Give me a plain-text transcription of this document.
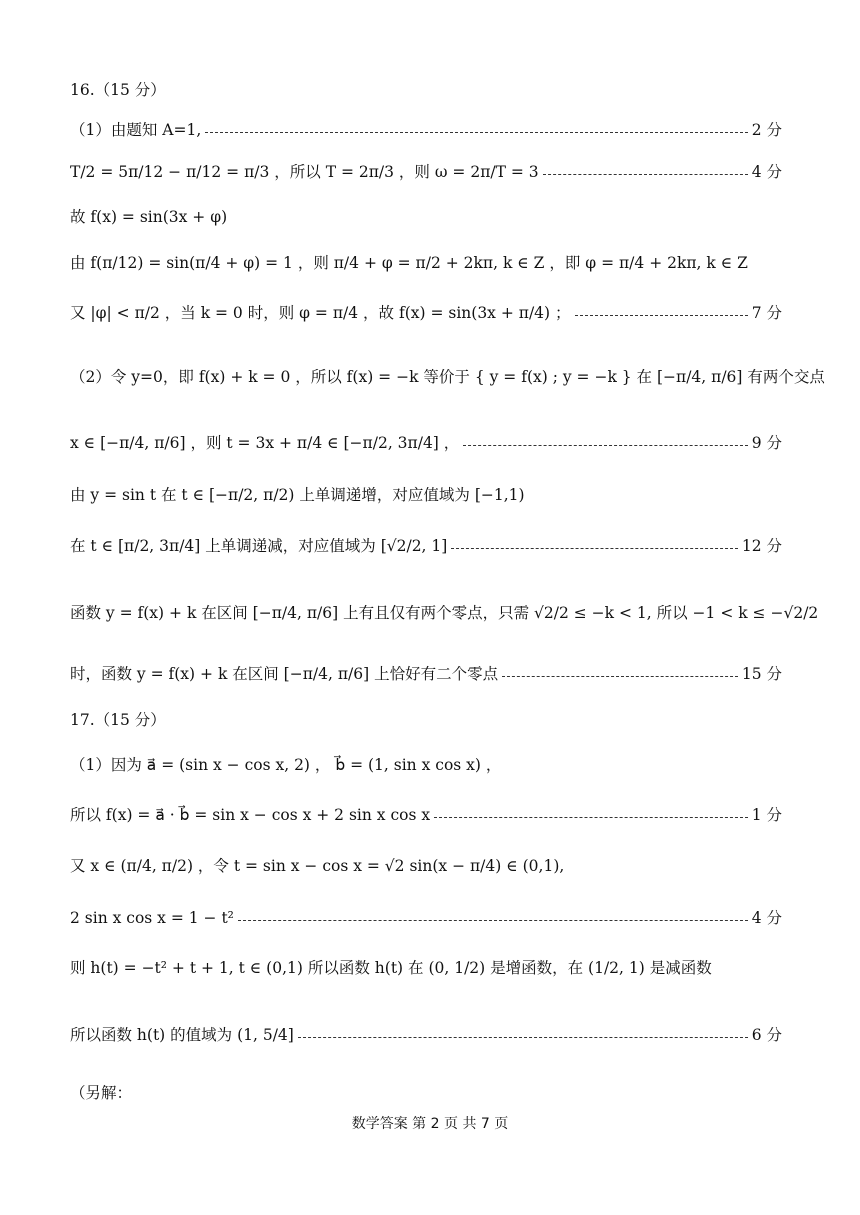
16.（15 分）
（1）由题知 A=1,	2 分
T/2 = 5π/12 − π/12 = π/3 ，所以 T = 2π/3 ，则 ω = 2π/T = 3	4 分
故 f(x) = sin(3x + φ)
由 f(π/12) = sin(π/4 + φ) = 1 ，则 π/4 + φ = π/2 + 2kπ, k ∈ Z ，即 φ = π/4 + 2kπ, k ∈ Z
又 |φ| < π/2 ，当 k = 0 时，则 φ = π/4 ，故 f(x) = sin(3x + π/4) ；	7 分
（2）令 y=0，即 f(x) + k = 0 ，所以 f(x) = −k 等价于 { y = f(x) ; y = −k } 在 [−π/4, π/6] 有两个交点
x ∈ [−π/4, π/6] ，则 t = 3x + π/4 ∈ [−π/2, 3π/4] ，	9 分
由 y = sin t 在 t ∈ [−π/2, π/2) 上单调递增，对应值域为 [−1,1)
在 t ∈ [π/2, 3π/4] 上单调递减，对应值域为 [√2/2, 1]	12 分
函数 y = f(x) + k 在区间 [−π/4, π/6] 上有且仅有两个零点，只需 √2/2 ≤ −k < 1, 所以 −1 < k ≤ −√2/2
时，函数 y = f(x) + k 在区间 [−π/4, π/6] 上恰好有二个零点	15 分
17.（15 分）
（1）因为 a⃗ = (sin x − cos x, 2) ， b⃗ = (1, sin x cos x) ，
所以 f(x) = a⃗ · b⃗ = sin x − cos x + 2 sin x cos x	1 分
又 x ∈ (π/4, π/2) ，令 t = sin x − cos x = √2 sin(x − π/4) ∈ (0,1),
2 sin x cos x = 1 − t²	4 分
则 h(t) = −t² + t + 1, t ∈ (0,1) 所以函数 h(t) 在 (0, 1/2) 是增函数，在 (1/2, 1) 是减函数
所以函数 h(t) 的值域为 (1, 5/4]	6 分
（另解：
数学答案 第 2 页 共 7 页
